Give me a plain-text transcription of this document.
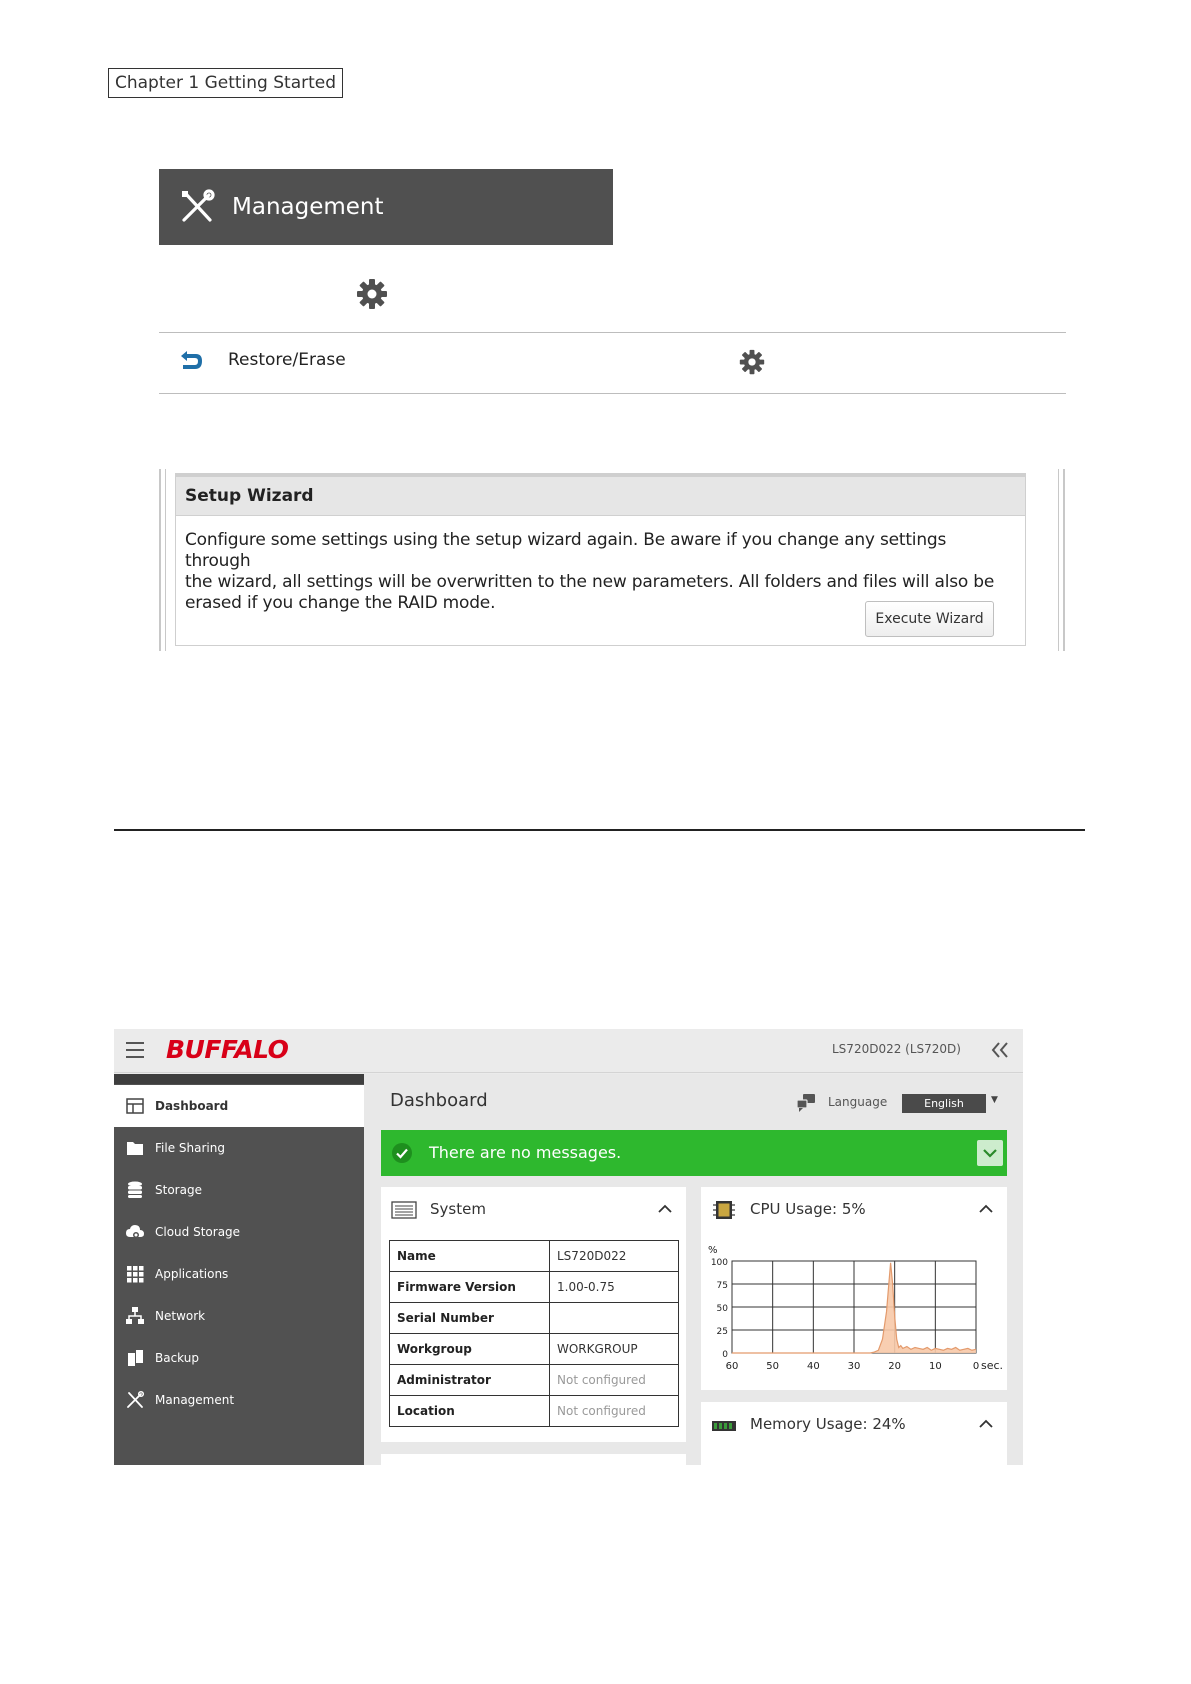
Chapter 1 Getting Started
Management
Restore/Erase
Setup Wizard
Configure some settings using the setup wizard again. Be aware if you change any settings through
the wizard, all settings will be overwritten to the new parameters. All folders and files will also be
erased if you change the RAID mode.
Execute Wizard
BUFFALO	LS720D022 (LS720D)
Dashboard
File Sharing
Storage
Cloud Storage
Applications
Network
Backup
Management
Dashboard	Language	English	▼
There are no messages.
System
Name	LS720D022
Firmware Version	1.00-0.75
Serial Number	
Workgroup	WORKGROUP
Administrator	Not configured
Location	Not configured
CPU Usage: 5%
60	50	40	30	20	10	0
100
75
50
25
0
%
sec.
Memory Usage: 24%
